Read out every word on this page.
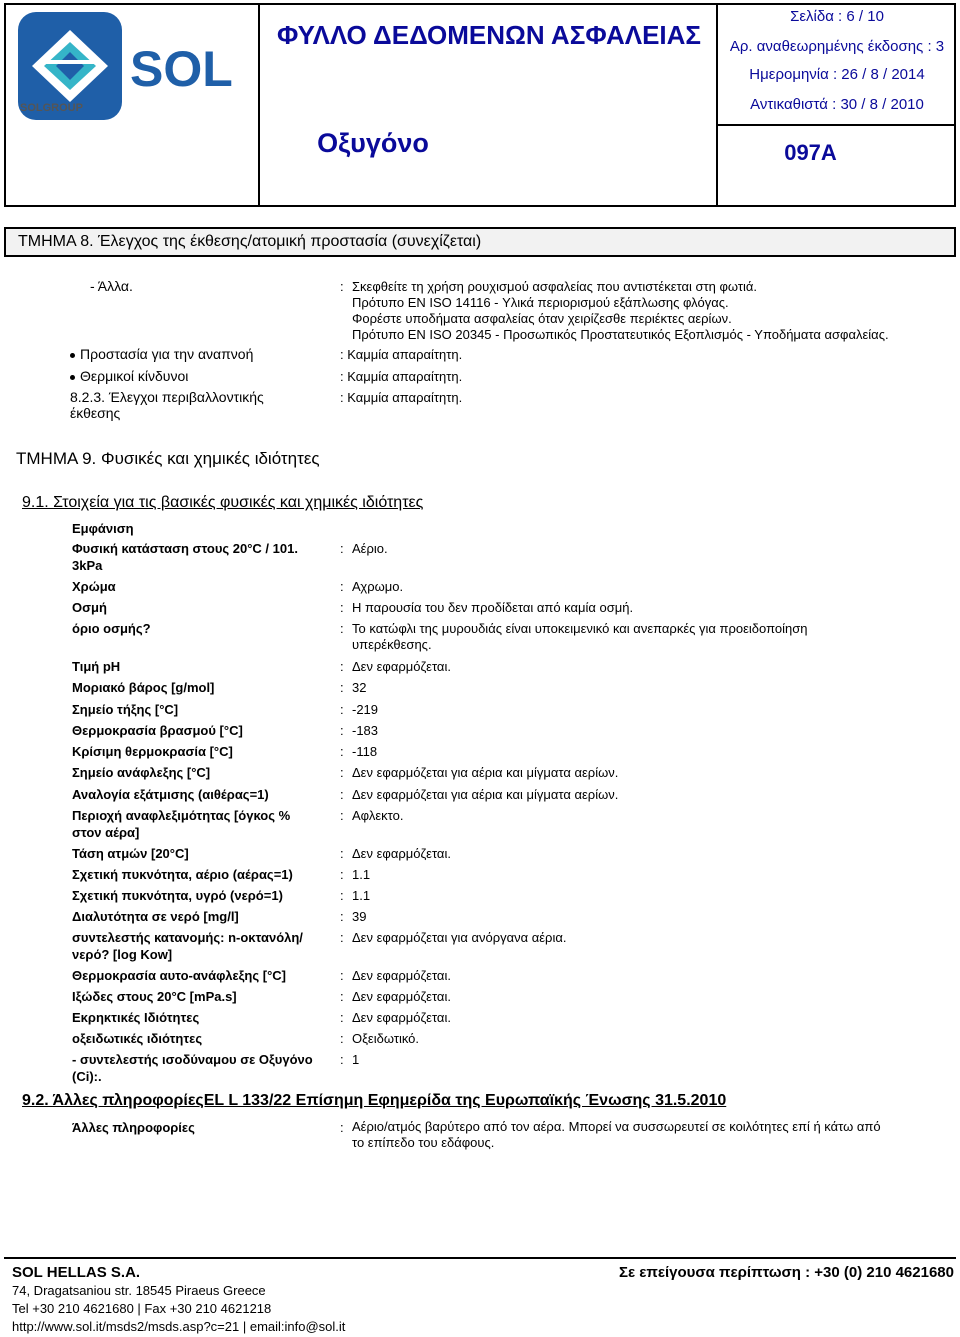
SOL
SOLGROUP
ΦΥΛΛΟ ΔΕΔΟΜΕΝΩΝ ΑΣΦΑΛΕΙΑΣ
Οξυγόνο
Σελίδα : 6 / 10
Αρ. αναθεωρημένης έκδοσης : 3
Ημερομηνία : 26 / 8 / 2014
Αντικαθιστά : 30 / 8 / 2010
097A
ΤΜΗΜΑ 8. Έλεγχος της έκθεσης/ατομική προστασία (συνεχίζεται)
- Άλλα.	: Σκεφθείτε τη χρήση ρουχισμού ασφαλείας που αντιστέκεται στη φωτιά.
Πρότυπο EN ISO 14116 - Υλικά περιορισμού εξάπλωσης φλόγας.
Φορέστε υποδήματα ασφαλείας όταν χειρίζεσθε περιέκτες αερίων.
Πρότυπο EN ISO 20345 - Προσωπικός Προστατευτικός Εξοπλισμός - Υποδήματα ασφαλείας.
Προστασία για την αναπνοή	: Καμμία απαραίτητη.
Θερμικοί κίνδυνοι	: Καμμία απαραίτητη.
8.2.3. Έλεγχοι περιβαλλοντικής
έκθεσης
: Καμμία απαραίτητη.
ΤΜΗΜΑ 9. Φυσικές και χημικές ιδιότητες
9.1. Στοιχεία για τις βασικές φυσικές και χημικές ιδιότητες
Εμφάνιση
Φυσική κατάσταση στους 20°C / 101.
3kPa
: Αέριο.
Χρώμα	: Αχρωμο.
Οσμή	: Η παρουσία του δεν προδίδεται από καμία οσμή.
όριο οσμής?	: Το κατώφλι της μυρουδιάς είναι υποκειμενικό και ανεπαρκές για προειδοποίηση
υπερέκθεσης.
Τιμή pH	: Δεν εφαρμόζεται.
Μοριακό βάρος [g/mol]	: 32
Σημείο τήξης [°C]	: -219
Θερμοκρασία βρασμού [°C]	: -183
Κρίσιμη θερμοκρασία [°C]	: -118
Σημείο ανάφλεξης [°C]	: Δεν εφαρμόζεται για αέρια και μίγματα αερίων.
Αναλογία εξάτμισης (αιθέρας=1)	: Δεν εφαρμόζεται για αέρια και μίγματα αερίων.
Περιοχή αναφλεξιμότητας [όγκος %
στον αέρα]
: Αφλεκτο.
Τάση ατμών [20°C]	: Δεν εφαρμόζεται.
Σχετική πυκνότητα, αέριο (αέρας=1)	: 1.1
Σχετική πυκνότητα, υγρό (νερό=1)	: 1.1
Διαλυτότητα σε νερό [mg/l]	: 39
συντελεστής κατανομής: n-οκτανόλη/
νερό? [log Kow]
: Δεν εφαρμόζεται για ανόργανα αέρια.
Θερμοκρασία αυτο-ανάφλεξης [°C]	: Δεν εφαρμόζεται.
Ιξώδες στους 20°C [mPa.s]	: Δεν εφαρμόζεται.
Εκρηκτικές Ιδιότητες	: Δεν εφαρμόζεται.
οξειδωτικές ιδιότητες	: Οξειδωτικό.
- συντελεστής ισοδύναμου σε Οξυγόνο
(Ci):.
: 1
9.2. Άλλες πληροφορίεςEL L 133/22 Επίσημη Εφημερίδα της Ευρωπαϊκής Ένωσης 31.5.2010
Άλλες πληροφορίες	: Αέριο/ατμός βαρύτερο από τον αέρα. Μπορεί να συσσωρευτεί σε κοιλότητες επί ή κάτω από
το επίπεδο του εδάφους.
SOL HELLAS S.A.
74, Dragatsaniou str. 18545 Piraeus Greece
Tel +30 210 4621680 | Fax +30 210 4621218
http://www.sol.it/msds2/msds.asp?c=21 | email:info@sol.it
Σε επείγουσα περίπτωση : +30 (0) 210 4621680
